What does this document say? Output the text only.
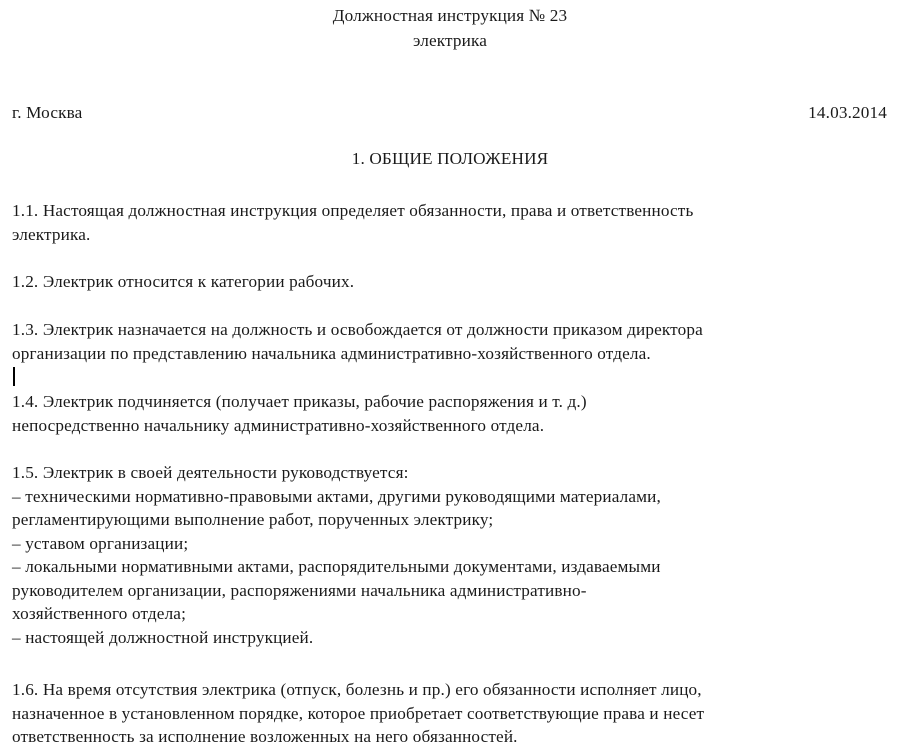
Должностная инструкция № 23
электрика
г. Москва	14.03.2014
1. ОБЩИЕ ПОЛОЖЕНИЯ
1.1. Настоящая должностная инструкция определяет обязанности, права и ответственность
электрика.
1.2. Электрик относится к категории рабочих.
1.3. Электрик назначается на должность и освобождается от должности приказом директора
организации по представлению начальника административно-хозяйственного отдела.
1.4. Электрик подчиняется (получает приказы, рабочие распоряжения и т. д.)
непосредственно начальнику административно-хозяйственного отдела.
1.5. Электрик в своей деятельности руководствуется:
– техническими нормативно-правовыми актами, другими руководящими материалами,
регламентирующими выполнение работ, порученных электрику;
– уставом организации;
– локальными нормативными актами, распорядительными документами, издаваемыми
руководителем организации, распоряжениями начальника административно-
хозяйственного отдела;
– настоящей должностной инструкцией.
1.6. На время отсутствия электрика (отпуск, болезнь и пр.) его обязанности исполняет лицо,
назначенное в установленном порядке, которое приобретает соответствующие права и несет
ответственность за исполнение возложенных на него обязанностей.
